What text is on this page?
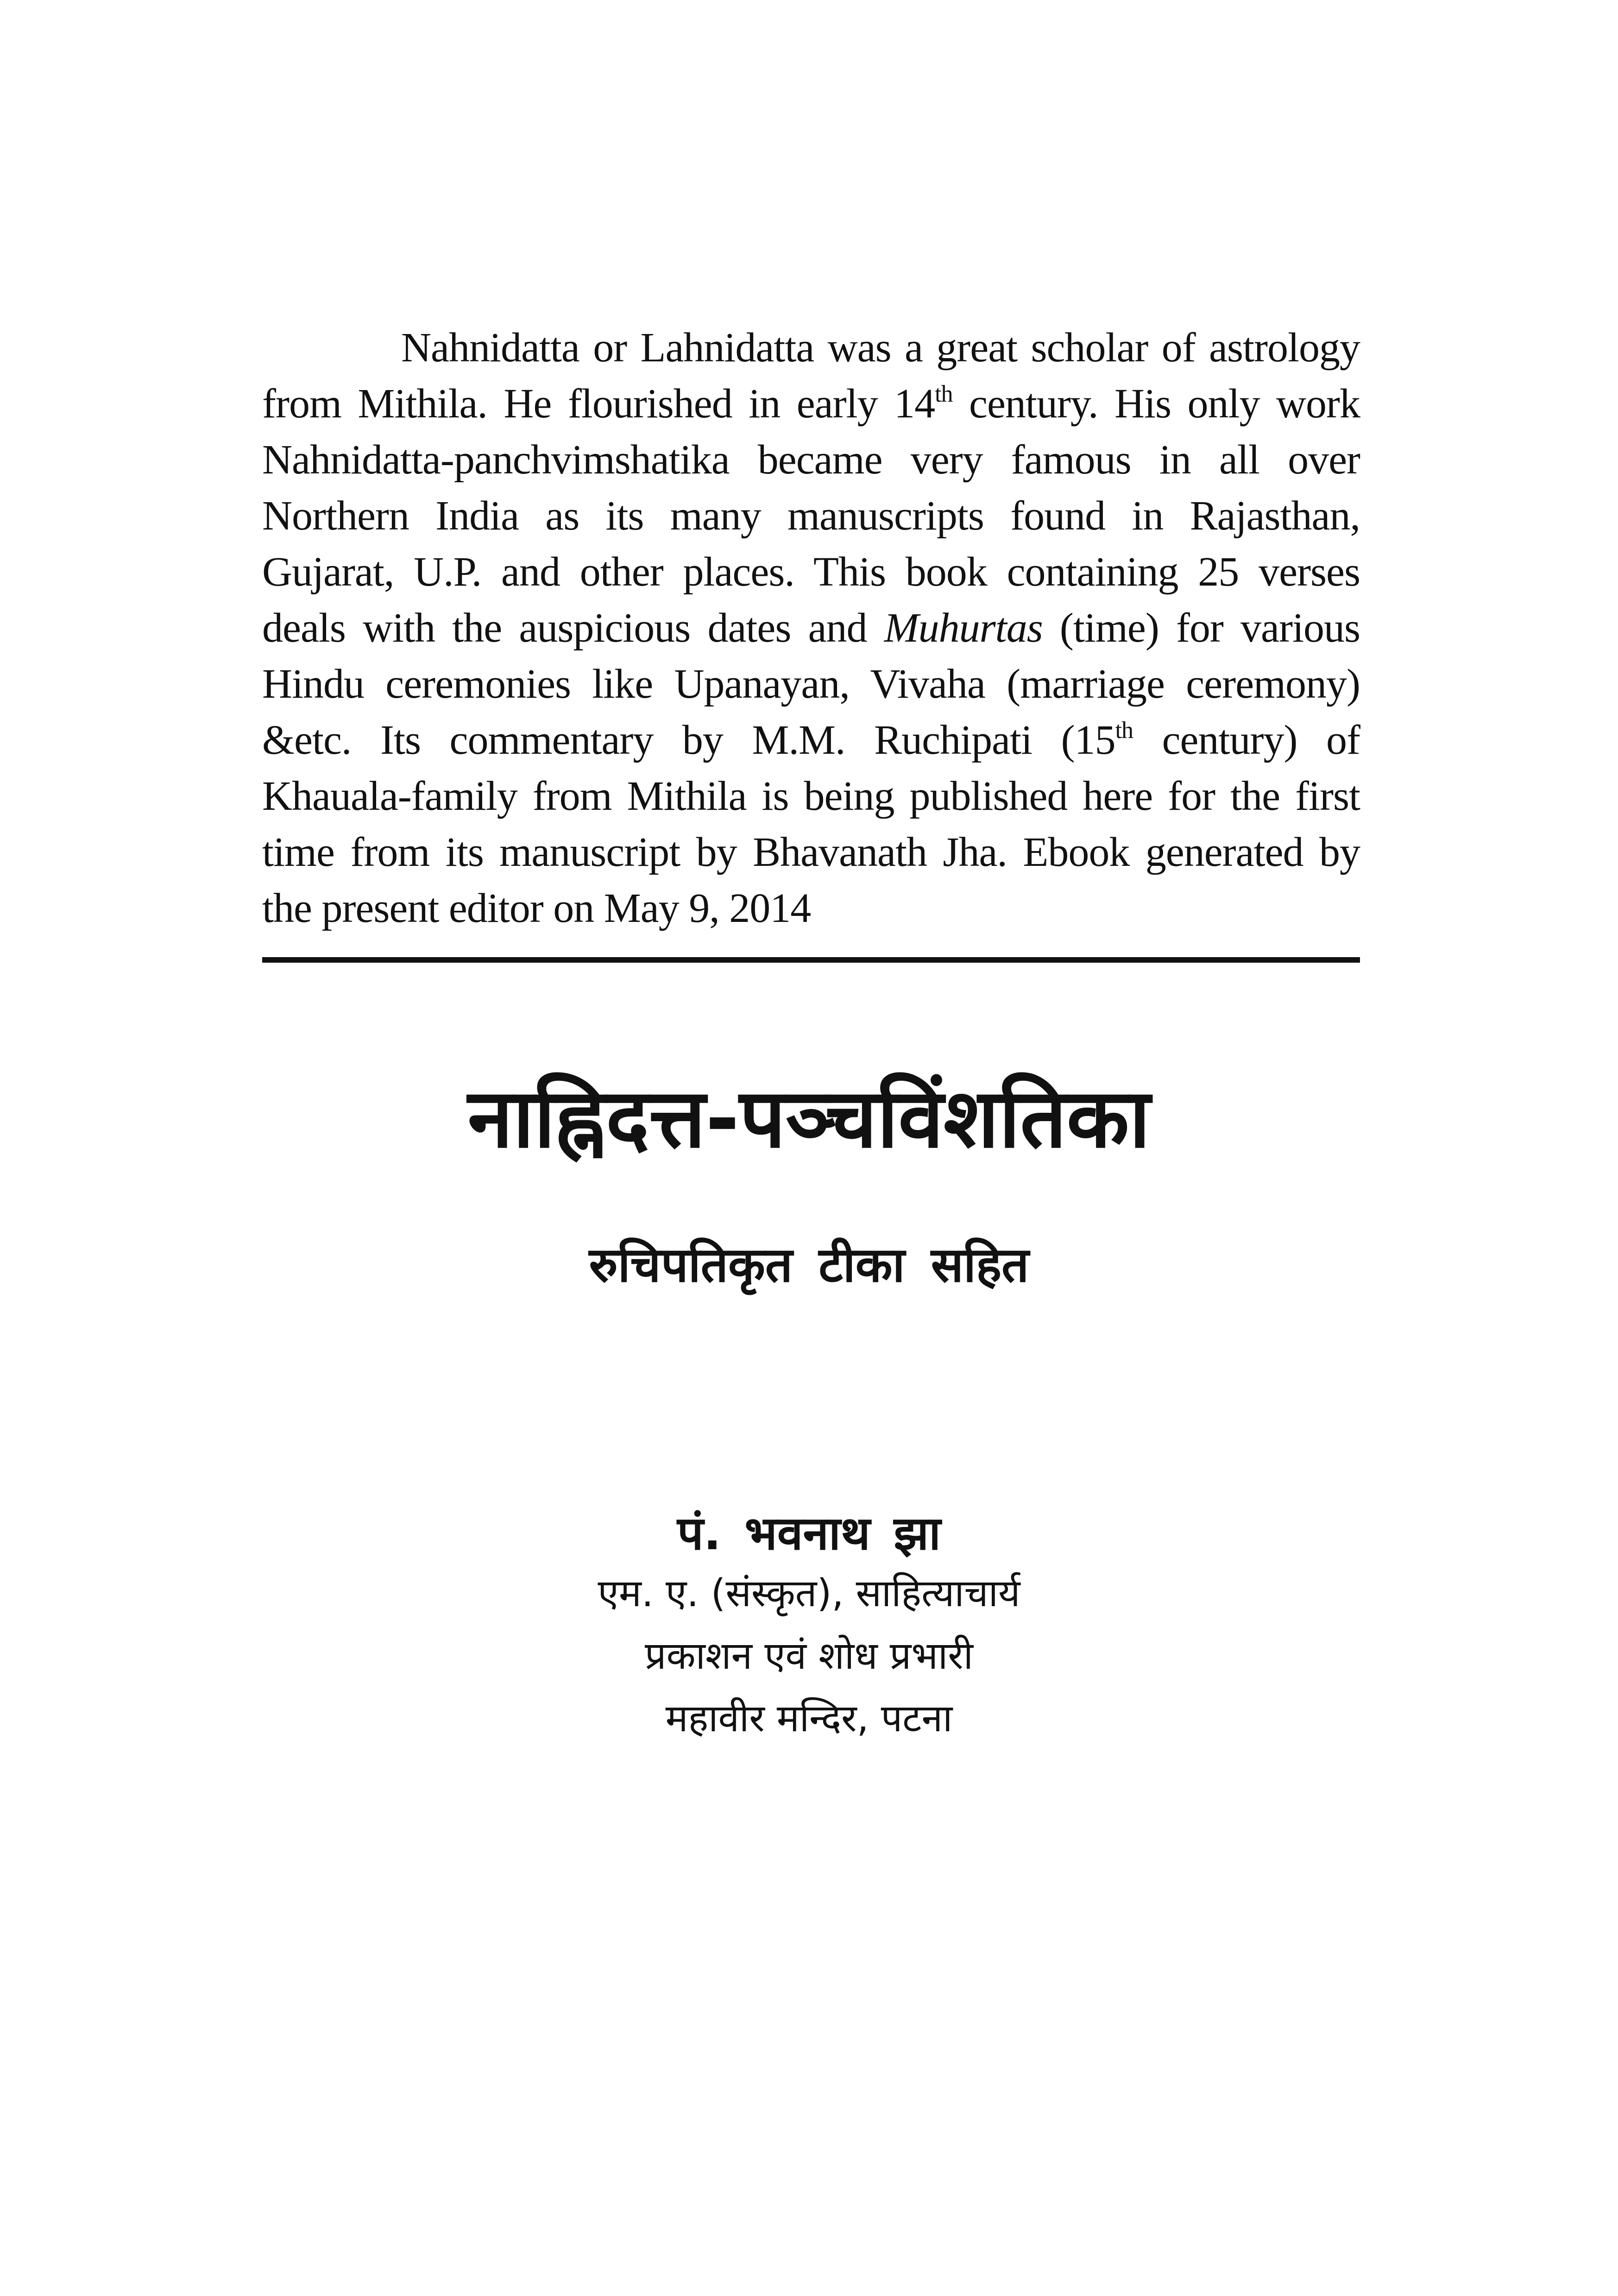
Nahnidatta or Lahnidatta was a great scholar of astrology from Mithila. He flourished in early 14th century. His only work Nahnidatta-panchvimshatika became very famous in all over Northern India as its many manuscripts found in Rajasthan, Gujarat, U.P. and other places. This book containing 25 verses deals with the auspicious dates and Muhurtas (time) for various Hindu ceremonies like Upanayan, Vivaha (marriage ceremony) &etc. Its commentary by M.M. Ruchipati (15th century) of Khauala-family from Mithila is being published here for the first time from its manuscript by Bhavanath Jha. Ebook generated by the present editor on May 9, 2014

नाह्निदत्त-पञ्चविंशतिका
रुचिपतिकृत टीका सहित
पं. भवनाथ झा
एम. ए. (संस्कृत), साहित्याचार्य
प्रकाशन एवं शोध प्रभारी
महावीर मन्दिर, पटना
